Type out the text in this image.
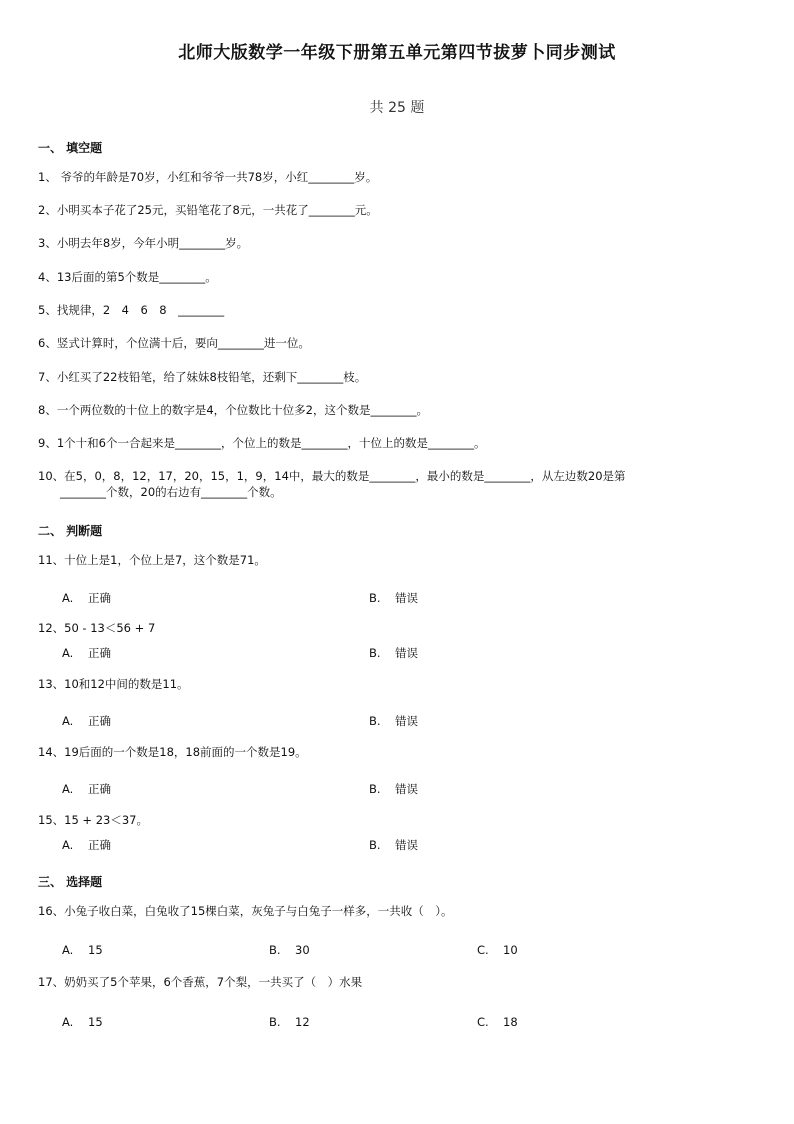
北师大版数学一年级下册第五单元第四节拔萝卜同步测试
共 25 题
一、 填空题
1、 爷爷的年龄是70岁，小红和爷爷一共78岁，小红________岁。
2、小明买本子花了25元，买铅笔花了8元，一共花了________元。
3、小明去年8岁，今年小明________岁。
4、13后面的第5个数是________。
5、找规律，2　4　6　8　________
6、竖式计算时，个位满十后，要向________进一位。
7、小红买了22枝铅笔，给了妹妹8枝铅笔，还剩下________枝。
8、一个两位数的十位上的数字是4，个位数比十位多2，这个数是________。
9、1个十和6个一合起来是________，个位上的数是________，十位上的数是________。
10、在5，0，8，12，17，20，15，1，9，14中，最大的数是________，最小的数是________，从左边数20是第
________个数，20的右边有________个数。
二、 判断题
11、十位上是1，个位上是7，这个数是71。
A. 正确	B. 错误
12、50 - 13＜56 + 7
A. 正确	B. 错误
13、10和12中间的数是11。
A. 正确	B. 错误
14、19后面的一个数是18，18前面的一个数是19。
A. 正确	B. 错误
15、15 + 23＜37。
A. 正确	B. 错误
三、 选择题
16、小兔子收白菜，白兔收了15棵白菜，灰兔子与白兔子一样多，一共收（　）。
A. 15	B. 30	C. 10
17、奶奶买了5个苹果，6个香蕉，7个梨，一共买了（　）水果
A. 15	B. 12	C. 18
